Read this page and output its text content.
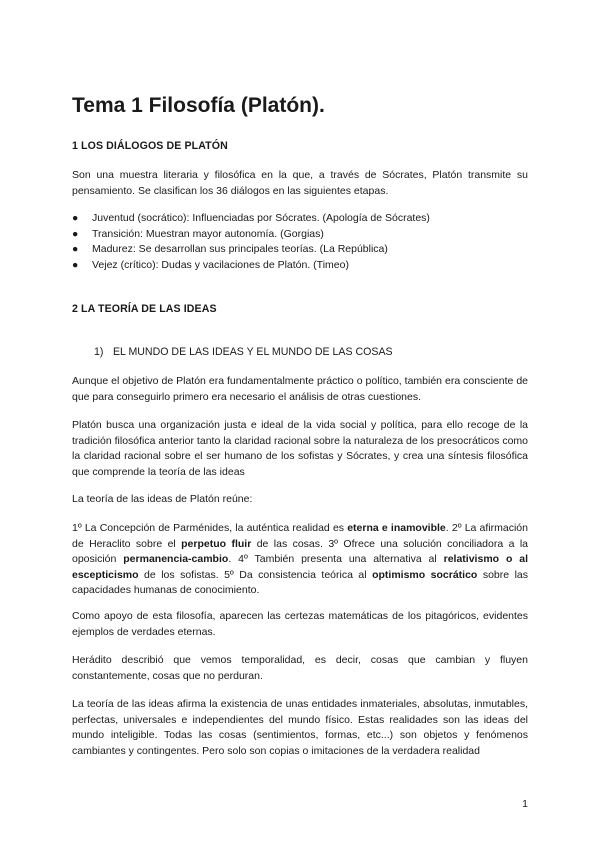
Tema 1 Filosofía (Platón).
1 LOS DIÁLOGOS DE PLATÓN

Son una muestra literaria y filosófica en la que, a través de Sócrates, Platón transmite su pensamiento. Se clasifican los 36 diálogos en las siguientes etapas.

● Juventud (socrático): Influenciadas por Sócrates. (Apología de Sócrates)
● Transición: Muestran mayor autonomía. (Gorgias)
● Madurez: Se desarrollan sus principales teorías. (La República)
● Vejez (crítico): Dudas y vacilaciones de Platón. (Timeo)
2 LA TEORÍA DE LAS IDEAS
1) EL MUNDO DE LAS IDEAS Y EL MUNDO DE LAS COSAS

Aunque el objetivo de Platón era fundamentalmente práctico o político, también era consciente de que para conseguirlo primero era necesario el análisis de otras cuestiones.

Platón busca una organización justa e ideal de la vida social y política, para ello recoge de la tradición filosófica anterior tanto la claridad racional sobre la naturaleza de los presocráticos como la claridad racional sobre el ser humano de los sofistas y Sócrates, y crea una síntesis filosófica que comprende la teoría de las ideas

La teoría de las ideas de Platón reúne:

1º La Concepción de Parménides, la auténtica realidad es eterna e inamovible. 2º La afirmación de Heraclito sobre el perpetuo fluir de las cosas. 3º Ofrece una solución conciliadora a la oposición permanencia-cambio. 4º También presenta una alternativa al relativismo o al escepticismo de los sofistas. 5º Da consistencia teórica al optimismo socrático sobre las capacidades humanas de conocimiento.

Como apoyo de esta filosofía, aparecen las certezas matemáticas de los pitagóricos, evidentes ejemplos de verdades eternas.

Herádito describió que vemos temporalidad, es decir, cosas que cambian y fluyen constantemente, cosas que no perduran.

La teoría de las ideas afirma la existencia de unas entidades inmateriales, absolutas, inmutables, perfectas, universales e independientes del mundo físico. Estas realidades son las ideas del mundo inteligible. Todas las cosas (sentimientos, formas, etc...) son objetos y fenómenos cambiantes y contingentes. Pero solo son copias o imitaciones de la verdadera realidad

1
